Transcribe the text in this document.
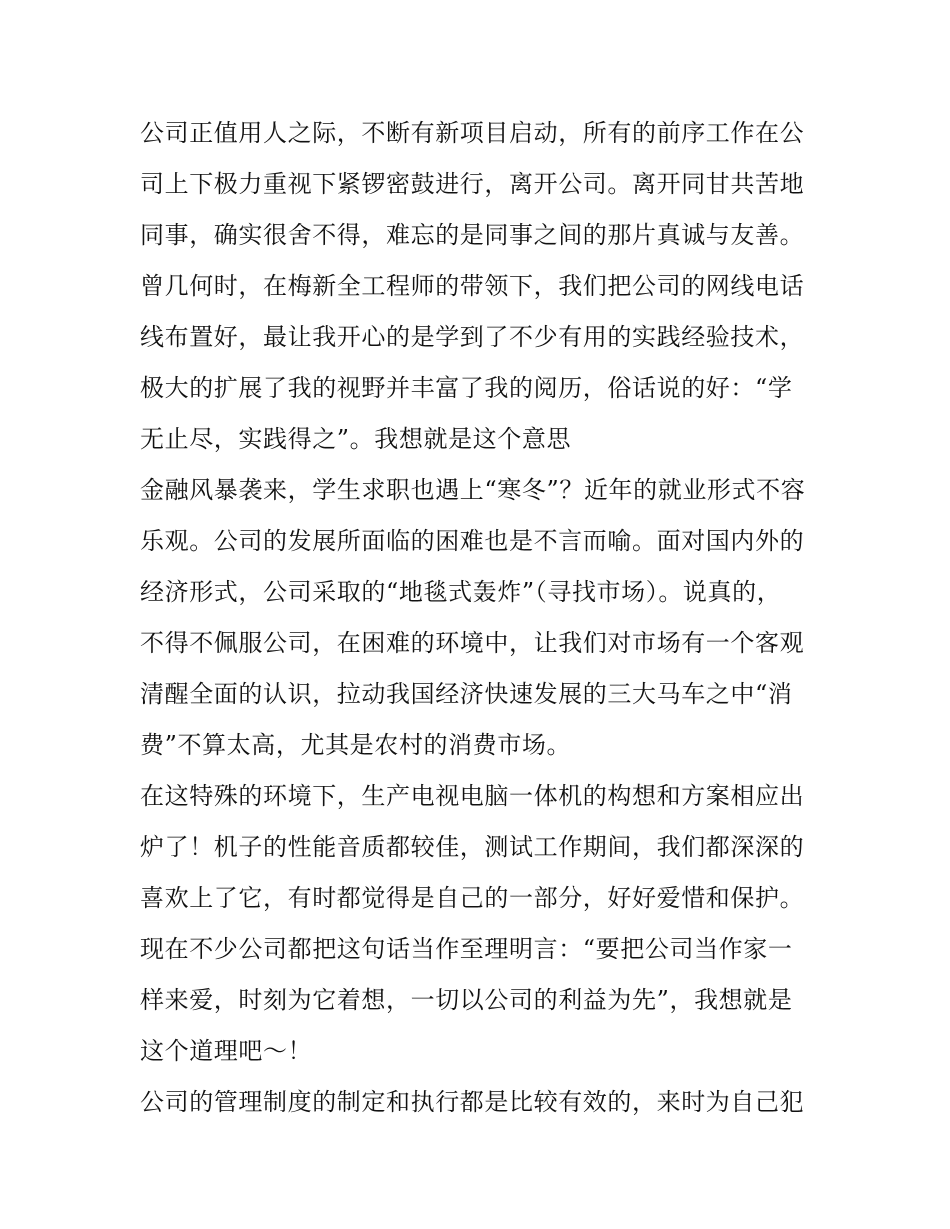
公司正值用人之际，不断有新项目启动，所有的前序工作在公
司上下极力重视下紧锣密鼓进行，离开公司。离开同甘共苦地
同事，确实很舍不得，难忘的是同事之间的那片真诚与友善。
曾几何时，在梅新全工程师的带领下，我们把公司的网线电话
线布置好，最让我开心的是学到了不少有用的实践经验技术，
极大的扩展了我的视野并丰富了我的阅历，俗话说的好：“学
无止尽，实践得之”。我想就是这个意思
金融风暴袭来，学生求职也遇上“寒冬”？近年的就业形式不容
乐观。公司的发展所面临的困难也是不言而喻。面对国内外的
经济形式，公司采取的“地毯式轰炸”（寻找市场）。说真的，
不得不佩服公司，在困难的环境中，让我们对市场有一个客观
清醒全面的认识，拉动我国经济快速发展的三大马车之中“消
费”不算太高，尤其是农村的消费市场。
在这特殊的环境下，生产电视电脑一体机的构想和方案相应出
炉了！机子的性能音质都较佳，测试工作期间，我们都深深的
喜欢上了它，有时都觉得是自己的一部分，好好爱惜和保护。
现在不少公司都把这句话当作至理明言：“要把公司当作家一
样来爱，时刻为它着想，一切以公司的利益为先”，我想就是
这个道理吧～！
公司的管理制度的制定和执行都是比较有效的，来时为自己犯
